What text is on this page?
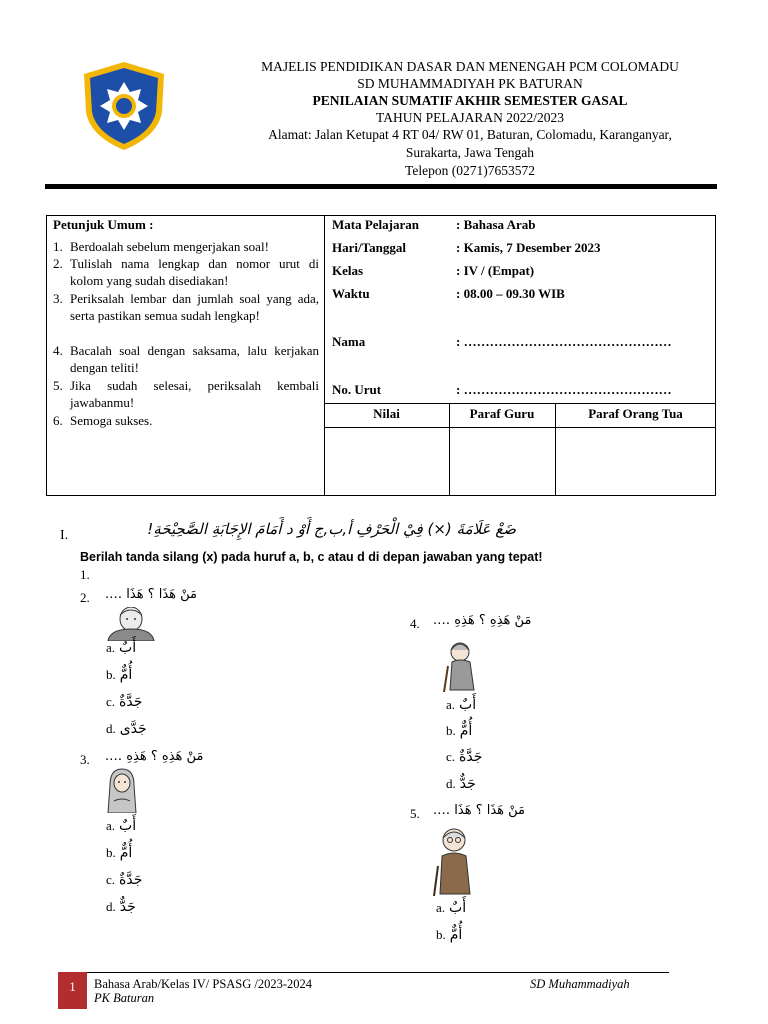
MAJELIS PENDIDIKAN DASAR DAN MENENGAH PCM COLOMADU
SD MUHAMMADIYAH PK BATURAN
PENILAIAN SUMATIF AKHIR SEMESTER GASAL
TAHUN PELAJARAN 2022/2023
Alamat: Jalan Ketupat 4 RT 04/ RW 01, Baturan, Colomadu, Karanganyar,
Surakarta, Jawa Tengah
Telepon (0271)7653572
Petunjuk Umum :
1. Berdoalah sebelum mengerjakan soal!
2. Tulislah nama lengkap dan nomor urut di kolom yang sudah disediakan!
3. Periksalah lembar dan jumlah soal yang ada, serta pastikan semua sudah lengkap!
4. Bacalah soal dengan saksama, lalu kerjakan dengan teliti!
5. Jika sudah selesai, periksalah kembali jawabanmu!
6. Semoga sukses.
Mata Pelajaran	: Bahasa Arab
Hari/Tanggal	: Kamis, 7 Desember 2023
Kelas	: IV / (Empat)
Waktu	: 08.00 – 09.30 WIB
Nama	: …………………………………………
No. Urut	: …………………………………………
Nilai	Paraf Guru	Paraf Orang Tua
I.	ضَعْ عَلَامَةَ (×) فِيْ الْحَرْفِ أ,ب,ج أَوْ د أَمَامَ الإِجَابَةِ الصَّحِيْحَةِ!
Berilah tanda silang (x) pada huruf a, b, c atau d di depan jawaban yang tepat!
1.
2. مَنْ هَذَا ؟ هَذَا ….
a. أَبٌ
b. أُمٌّ
c. جَدَّةٌ
d. جَدَّى
3. مَنْ هَذِهِ ؟ هَذِهِ ….
a. أَبٌ
b. أُمٌّ
c. جَدَّةٌ
d. جَدٌّ
4. مَنْ هَذِهِ ؟ هَذِهِ ….
a. أَبٌ
b. أُمٌّ
c. جَدَّةٌ
d. جَدٌّ
5. مَنْ هَذَا ؟ هَذَا ….
a. أَبٌ
b. أُمٌّ
1	Bahasa Arab/Kelas IV/ PSASG /2023-2024	SD Muhammadiyah
PK Baturan
